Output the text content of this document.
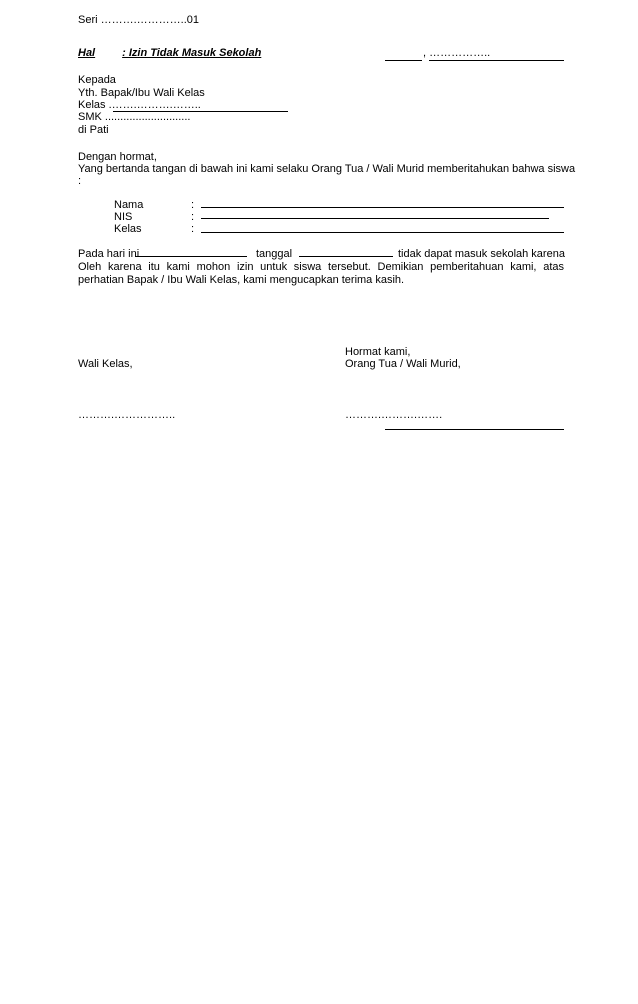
Seri ……….…………..01
Hal : Izin Tidak Masuk Sekolah	, ……………..
Kepada
Yth. Bapak/Ibu Wali Kelas
Kelas .…….……….……..
SMK ............................
di Pati
Dengan hormat,
Yang bertanda tangan di bawah ini kami selaku Orang Tua / Wali Murid memberitahukan bahwa siswa
:
Nama	:
NIS	:
Kelas	:
Pada hari ini	tanggal	tidak dapat masuk sekolah karena
Oleh karena itu kami mohon izin untuk siswa tersebut. Demikian pemberitahuan kami, atas perhatian Bapak / Ibu Wali Kelas, kami mengucapkan terima kasih.
Hormat kami,
Wali Kelas,	Orang Tua / Wali Murid,
……….……………..	……….……….…….
